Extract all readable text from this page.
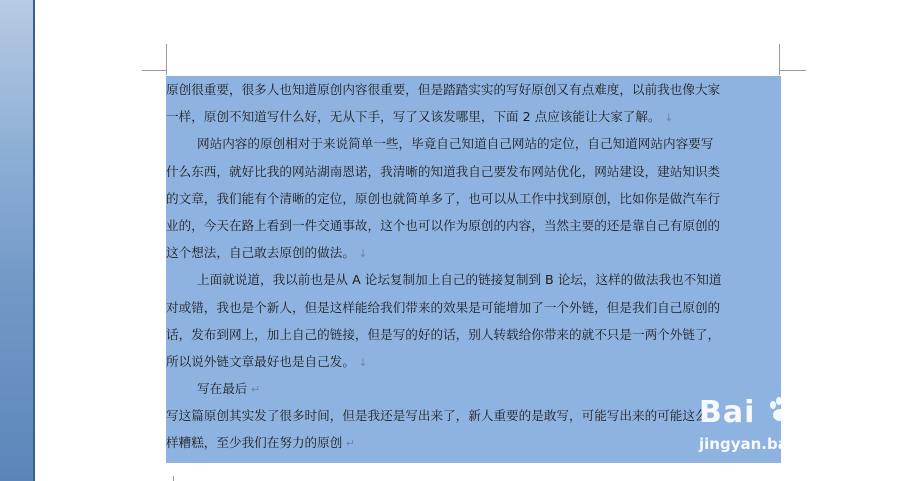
原创很重要，很多人也知道原创内容很重要，但是踏踏实实的写好原创又有点难度，以前我也像大家
一样，原创不知道写什么好，无从下手，写了又该发哪里，下面 2 点应该能让大家了解。 ↓
网站内容的原创相对于来说简单一些，毕竟自己知道自己网站的定位，自己知道网站内容要写
什么东西，就好比我的网站湖南恩诺，我清晰的知道我自己要发布网站优化，网站建设，建站知识类
的文章，我们能有个清晰的定位，原创也就简单多了，也可以从工作中找到原创，比如你是做汽车行
业的，今天在路上看到一件交通事故，这个也可以作为原创的内容，当然主要的还是靠自己有原创的
这个想法，自己敢去原创的做法。 ↓
上面就说道，我以前也是从 A 论坛复制加上自己的链接复制到 B 论坛，这样的做法我也不知道
对或错，我也是个新人，但是这样能给我们带来的效果是可能增加了一个外链，但是我们自己原创的
话，发布到网上，加上自己的链接，但是写的好的话，别人转载给你带来的就不只是一两个外链了，
所以说外链文章最好也是自己发。 ↓
写在最后 ↵
写这篇原创其实发了很多时间，但是我还是写出来了，新人重要的是敢写，可能写出来的可能这么
样糟糕，至少我们在努力的原创 ↵
Bai 经验
jingyan.baidu.com
